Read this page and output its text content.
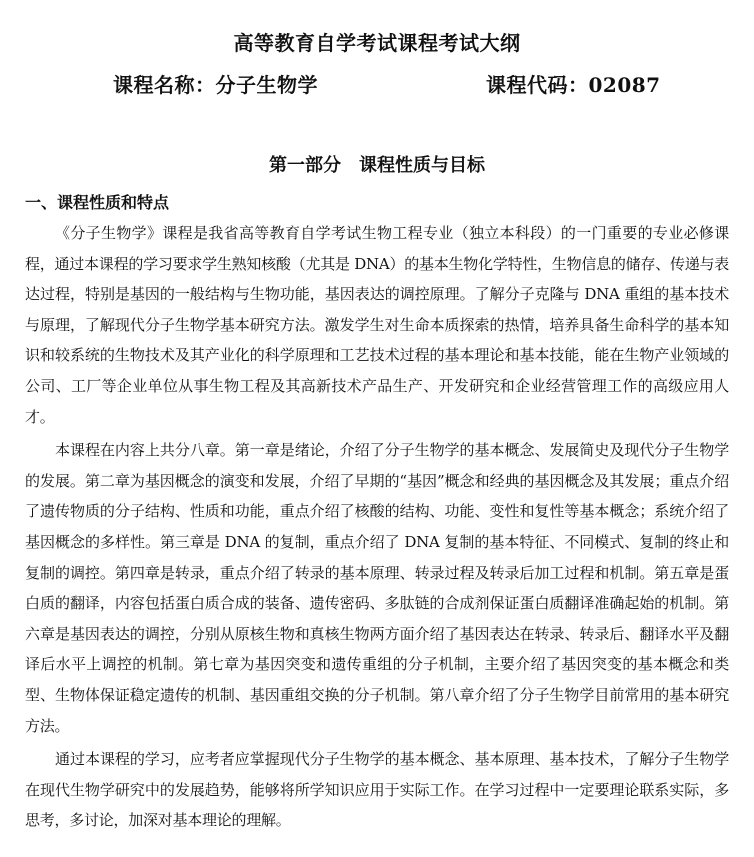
高等教育自学考试课程考试大纲
课程名称：分子生物学	课程代码：02087
第一部分　课程性质与目标
一、课程性质和特点

《分子生物学》课程是我省高等教育自学考试生物工程专业（独立本科段）的一门重要的专业必修课程，通过本课程的学习要求学生熟知核酸（尤其是 DNA）的基本生物化学特性，生物信息的储存、传递与表达过程，特别是基因的一般结构与生物功能，基因表达的调控原理。了解分子克隆与 DNA 重组的基本技术与原理，了解现代分子生物学基本研究方法。激发学生对生命本质探索的热情，培养具备生命科学的基本知识和较系统的生物技术及其产业化的科学原理和工艺技术过程的基本理论和基本技能，能在生物产业领域的公司、工厂等企业单位从事生物工程及其高新技术产品生产、开发研究和企业经营管理工作的高级应用人才。

本课程在内容上共分八章。第一章是绪论，介绍了分子生物学的基本概念、发展简史及现代分子生物学的发展。第二章为基因概念的演变和发展，介绍了早期的“基因”概念和经典的基因概念及其发展；重点介绍了遗传物质的分子结构、性质和功能，重点介绍了核酸的结构、功能、变性和复性等基本概念；系统介绍了基因概念的多样性。第三章是 DNA 的复制，重点介绍了 DNA 复制的基本特征、不同模式、复制的终止和复制的调控。第四章是转录，重点介绍了转录的基本原理、转录过程及转录后加工过程和机制。第五章是蛋白质的翻译，内容包括蛋白质合成的装备、遗传密码、多肽链的合成剂保证蛋白质翻译准确起始的机制。第六章是基因表达的调控，分别从原核生物和真核生物两方面介绍了基因表达在转录、转录后、翻译水平及翻译后水平上调控的机制。第七章为基因突变和遗传重组的分子机制，主要介绍了基因突变的基本概念和类型、生物体保证稳定遗传的机制、基因重组交换的分子机制。第八章介绍了分子生物学目前常用的基本研究方法。

通过本课程的学习，应考者应掌握现代分子生物学的基本概念、基本原理、基本技术，了解分子生物学在现代生物学研究中的发展趋势，能够将所学知识应用于实际工作。在学习过程中一定要理论联系实际，多思考，多讨论，加深对基本理论的理解。
